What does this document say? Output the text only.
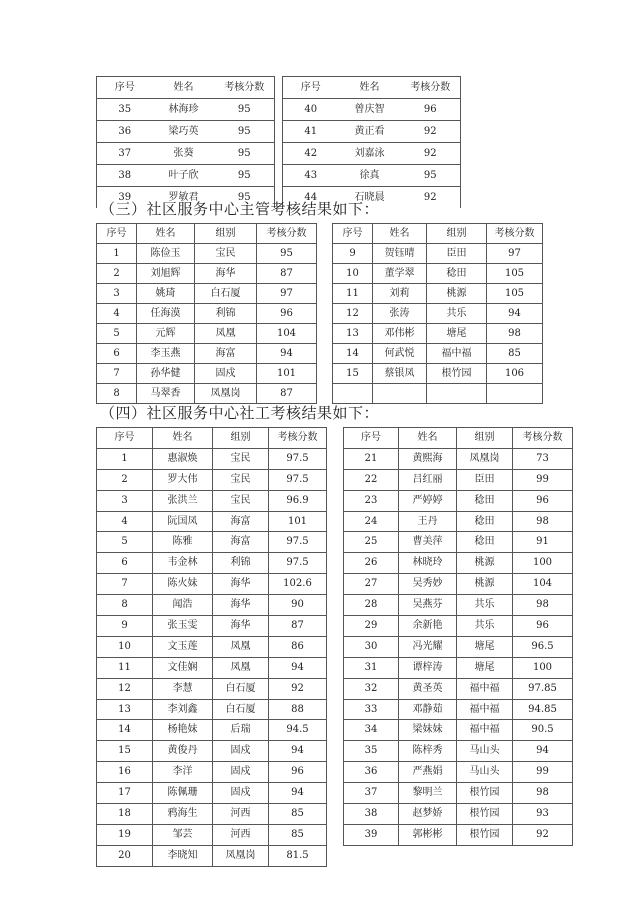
序号	姓名	考核分数
35	林海珍	95
36	梁巧英	95
37	张葵	95
38	叶子欣	95
39	罗敏君	95
序号	姓名	考核分数
40	曾庆智	96
41	黄正看	92
42	刘嘉泳	92
43	徐真	95
44	石晓晨	92
（三）社区服务中心主管考核结果如下：
序号	姓名	组别	考核分数
1	陈俭玉	宝民	95
2	刘旭辉	海华	87
3	姚琦	白石厦	97
4	任海漠	利锦	96
5	元辉	凤凰	104
6	李玉燕	海富	94
7	孙华健	固戍	101
8	马翠香	凤凰岗	87
序号	姓名	组别	考核分数
9	贺钰晴	臣田	97
10	董学翠	稔田	105
11	刘莉	桃源	105
12	张涛	共乐	94
13	邓伟彬	塘尾	98
14	何武悦	福中福	85
15	蔡银凤	根竹园	106

（四）社区服务中心社工考核结果如下：
序号	姓名	组别	考核分数
1	惠淑焕	宝民	97.5
2	罗大伟	宝民	97.5
3	张洪兰	宝民	96.9
4	阮国凤	海富	101
5	陈雅	海富	97.5
6	韦金林	利锦	97.5
7	陈火妹	海华	102.6
8	闻浩	海华	90
9	张玉雯	海华	87
10	文玉莲	凤凰	86
11	文佳娴	凤凰	94
12	李慧	白石厦	92
13	李刘鑫	白石厦	88
14	杨艳妹	后瑞	94.5
15	黄俊丹	固戍	94
16	李洋	固戍	96
17	陈佩珊	固戍	94
18	鸦海生	河西	85
19	邹芸	河西	85
20	李晓知	凤凰岗	81.5
序号	姓名	组别	考核分数
21	黄熙海	凤凰岗	73
22	吕红丽	臣田	99
23	严婷婷	稔田	96
24	王丹	稔田	98
25	曹美萍	稔田	91
26	林晓玲	桃源	100
27	吴秀妙	桃源	104
28	吴燕芬	共乐	98
29	余新艳	共乐	96
30	冯光耀	塘尾	96.5
31	谭梓涛	塘尾	100
32	黄圣英	福中福	97.85
33	邓静茹	福中福	94.85
34	梁妹妹	福中福	90.5
35	陈梓秀	马山头	94
36	严燕娟	马山头	99
37	黎明兰	根竹园	98
38	赵梦娇	根竹园	93
39	郭彬彬	根竹园	92
